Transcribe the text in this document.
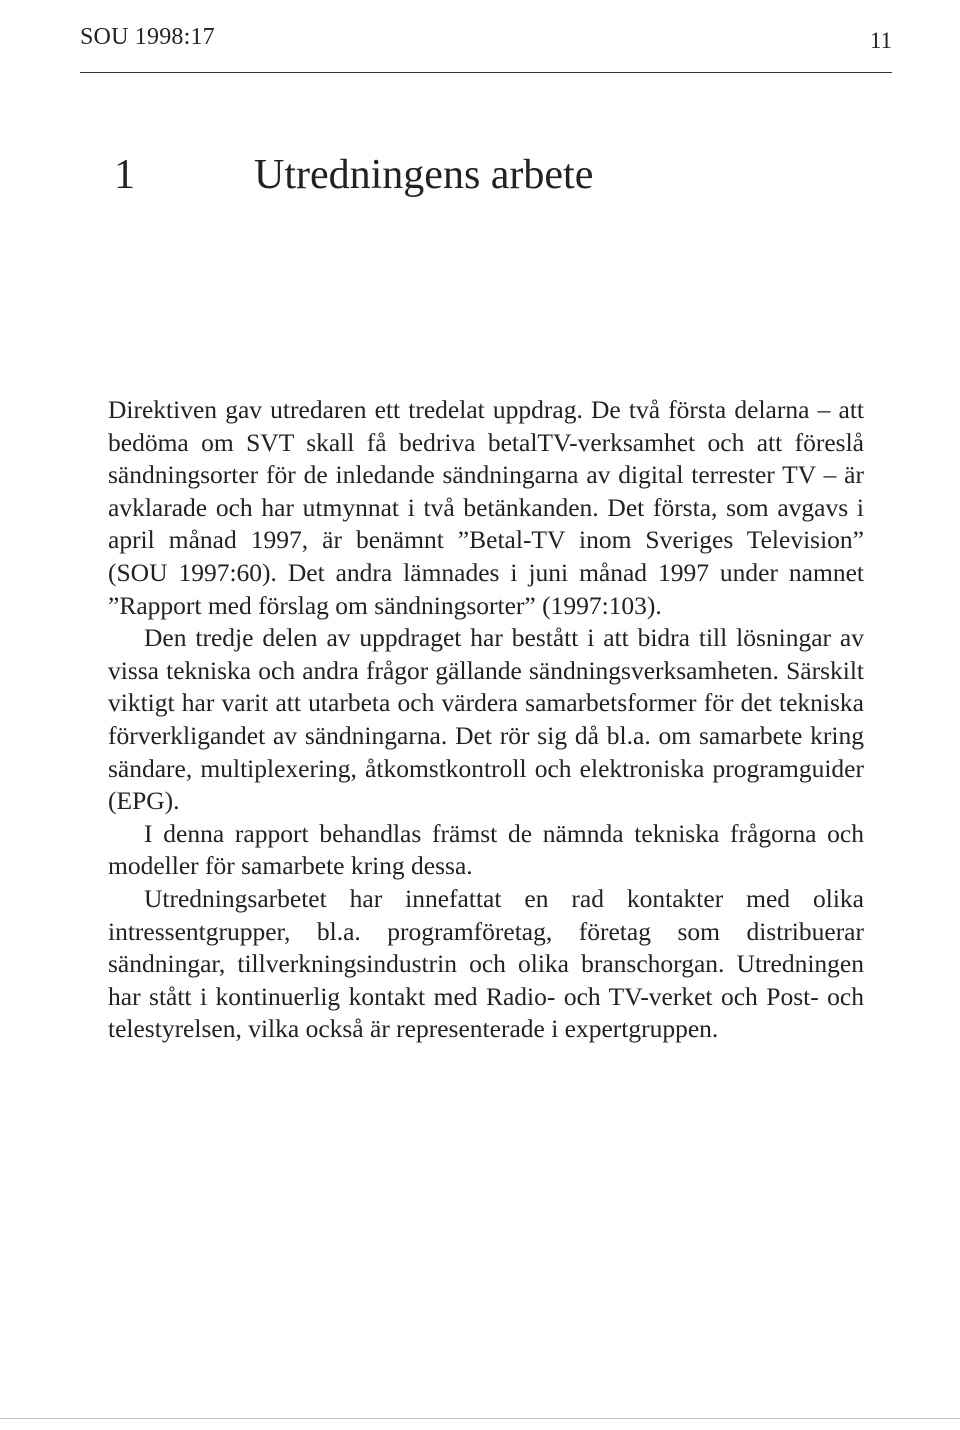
SOU 1998:17	11
1	Utredningens arbete

Direktiven gav utredaren ett tredelat uppdrag. De två första delarna – att bedöma om SVT skall få bedriva betalTV-verksamhet och att föreslå sändningsorter för de inledande sändningarna av digital terrester TV – är avklarade och har utmynnat i två betänkanden. Det första, som avgavs i april månad 1997, är benämnt ”Betal-TV inom Sveriges Television” (SOU 1997:60). Det andra lämnades i juni månad 1997 under namnet ”Rapport med förslag om sändningsorter” (1997:103).

Den tredje delen av uppdraget har bestått i att bidra till lösningar av vissa tekniska och andra frågor gällande sändningsverksamheten. Särskilt viktigt har varit att utarbeta och värdera samarbetsformer för det tekniska förverkligandet av sändningarna. Det rör sig då bl.a. om samarbete kring sändare, multiplexering, åtkomstkontroll och elektroniska programguider (EPG).

I denna rapport behandlas främst de nämnda tekniska frågorna och modeller för samarbete kring dessa.

Utredningsarbetet har innefattat en rad kontakter med olika intressentgrupper, bl.a. programföretag, företag som distribuerar sändningar, tillverkningsindustrin och olika branschorgan. Utredningen har stått i kontinuerlig kontakt med Radio- och TV-verket och Post- och telestyrelsen, vilka också är representerade i expertgruppen.
